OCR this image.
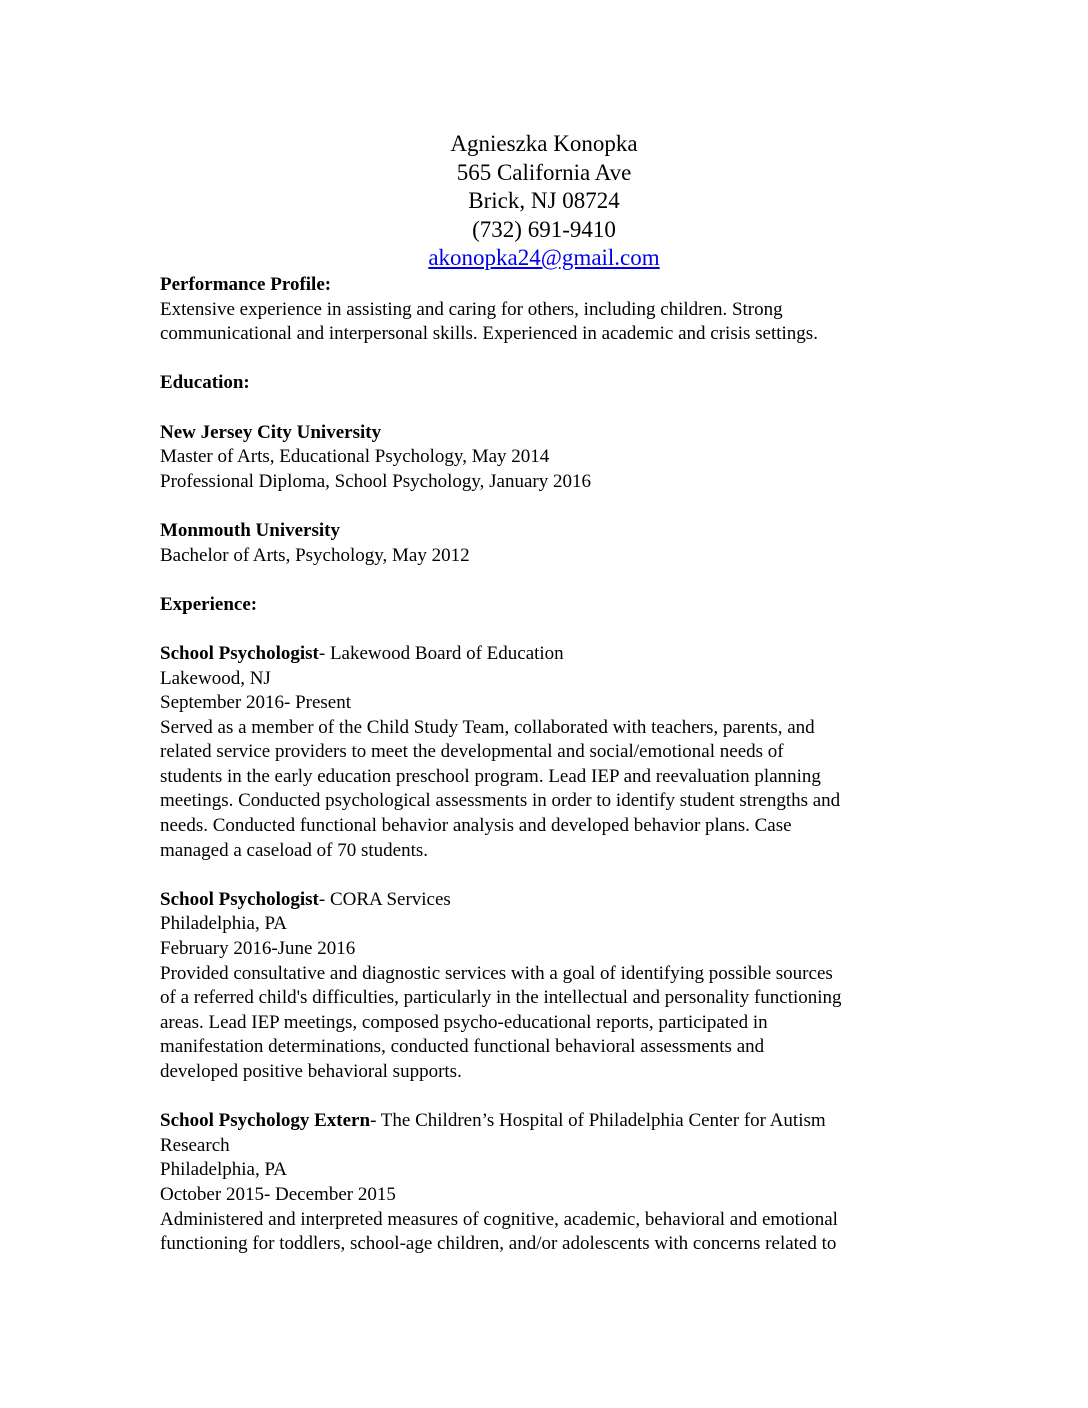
Agnieszka Konopka
565 California Ave
Brick, NJ 08724
(732) 691-9410
akonopka24@gmail.com
Performance Profile:
Extensive experience in assisting and caring for others, including children. Strong
communicational and interpersonal skills. Experienced in academic and crisis settings.
Education:
New Jersey City University
Master of Arts, Educational Psychology, May 2014
Professional Diploma, School Psychology, January 2016
Monmouth University
Bachelor of Arts, Psychology, May 2012
Experience:
School Psychologist- Lakewood Board of Education
Lakewood, NJ
September 2016- Present
Served as a member of the Child Study Team, collaborated with teachers, parents, and
related service providers to meet the developmental and social/emotional needs of
students in the early education preschool program. Lead IEP and reevaluation planning
meetings. Conducted psychological assessments in order to identify student strengths and
needs. Conducted functional behavior analysis and developed behavior plans. Case
managed a caseload of 70 students.
School Psychologist- CORA Services
Philadelphia, PA
February 2016-June 2016
Provided consultative and diagnostic services with a goal of identifying possible sources
of a referred child's difficulties, particularly in the intellectual and personality functioning
areas. Lead IEP meetings, composed psycho-educational reports, participated in
manifestation determinations, conducted functional behavioral assessments and
developed positive behavioral supports.
School Psychology Extern- The Children’s Hospital of Philadelphia Center for Autism
Research
Philadelphia, PA
October 2015- December 2015
Administered and interpreted measures of cognitive, academic, behavioral and emotional
functioning for toddlers, school-age children, and/or adolescents with concerns related to
